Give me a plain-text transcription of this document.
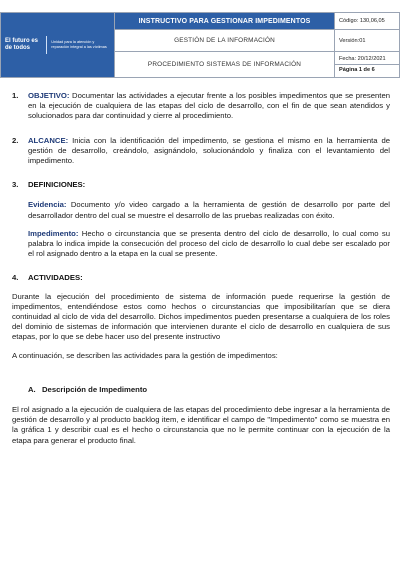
El futuro es de todos
Unidad para la atención y reparación integral a las víctimas	INSTRUCTIVO PARA GESTIONAR IMPEDIMENTOS	Código: 130,06,05
	GESTIÓN DE LA INFORMACIÓN	Versión:01
	PROCEDIMIENTO SISTEMAS DE INFORMACIÓN	Fecha: 20/12/2021
Página 1 de 6
1.	OBJETIVO: Documentar las actividades a ejecutar frente a los posibles impedimentos que se presenten en la ejecución de cualquiera de las etapas del ciclo de desarrollo, con el fin de que sean atendidos y solucionados para dar continuidad y cierre al procedimiento.
2.	ALCANCE: Inicia con la identificación del impedimento, se gestiona el mismo en la herramienta de gestión de desarrollo, creándolo, asignándolo, solucionándolo y finaliza con el levantamiento del impedimento.
3.	DEFINICIONES:

Evidencia: Documento y/o video cargado a la herramienta de gestión de desarrollo por parte del desarrollador dentro del cual se muestre el desarrollo de las pruebas realizadas con éxito.

Impedimento: Hecho o circunstancia que se presenta dentro del ciclo de desarrollo, lo cual como su palabra lo indica impide la consecución del proceso del ciclo de desarrollo lo cual debe ser escalado por el rol asignado dentro a la etapa en la cual se presente.

4.	ACTIVIDADES:

Durante la ejecución del procedimiento de sistema de información puede requerirse la gestión de impedimentos, entendiéndose estos como hechos o circunstancias que imposibilitarían que se diera continuidad al ciclo de vida del desarrollo. Dichos impedimentos pueden presentarse a cualquiera de los roles del dominio de sistemas de información que intervienen durante el ciclo de desarrollo en cualquiera de sus etapas, por lo que se debe hacer uso del presente instructivo

A continuación, se describen las actividades para la gestión de impedimentos:

A. Descripción de Impedimento

El rol asignado a la ejecución de cualquiera de las etapas del procedimiento debe ingresar a la herramienta de gestión de desarrollo y al producto backlog item, e identificar el campo de "Impedimento" como se muestra en la gráfica 1 y describir cual es el hecho o circunstancia que no le permite continuar con la ejecución de la etapa para generar el producto final.
